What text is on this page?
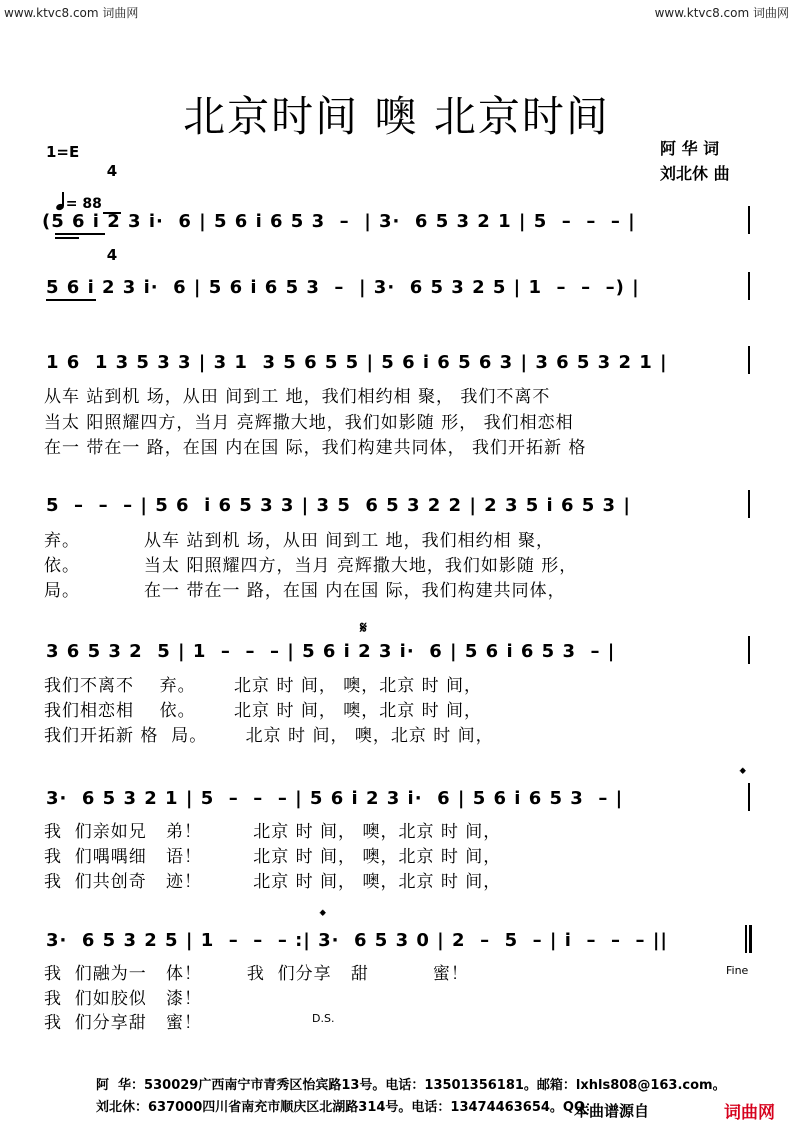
www.ktvc8.com 词曲网	www.ktvc8.com 词曲网
北京时间 噢 北京时间
阿 华 词
刘北休 曲
1=E

4

4

= 88

(5 6 i 2 3 i·  6 | 5 6 i 6 5 3  –  | 3·  6 5 3 2 1 | 5  –  –  – |
5 6 i 2 3 i·  6 | 5 6 i 6 5 3  –  | 3·  6 5 3 2 5 | 1  –  –  –) |
1 6  1 3 5 3 3 | 3 1  3 5 6 5 5 | 5 6 i 6 5 6 3 | 3 6 5 3 2 1 |
从车 站到机 场，从田 间到工 地，我们相约相 聚， 我们不离不
当太 阳照耀四方，当月 亮辉撒大地，我们如影随 形， 我们相恋相
在一 带在一 路，在国 内在国 际，我们构建共同体， 我们开拓新 格
5  –  –  – | 5 6  i 6 5 3 3 | 3 5  6 5 3 2 2 | 2 3 5 i 6 5 3 |
弃。          从车 站到机 场，从田 间到工 地，我们相约相 聚，
依。          当太 阳照耀四方，当月 亮辉撒大地，我们如影随 形，
局。          在一 带在一 路，在国 内在国 际，我们构建共同体，
𝄋
3 6 5 3 2  5 | 1  –  –  – | 5 6 i 2 3 i·  6 | 5 6 i 6 5 3  – |
我们不离不    弃。      北京 时 间， 噢，北京 时 间，
我们相恋相    依。      北京 时 间， 噢，北京 时 间，
我们开拓新 格  局。      北京 时 间， 噢，北京 时 间，
𝄌
3·  6 5 3 2 1 | 5  –  –  – | 5 6 i 2 3 i·  6 | 5 6 i 6 5 3  – |
我  们亲如兄   弟！        北京 时 间， 噢，北京 时 间，
我  们喁喁细   语！        北京 时 间， 噢，北京 时 间，
我  们共创奇   迹！        北京 时 间， 噢，北京 时 间，
𝄌
3·  6 5 3 2 5 | 1  –  –  – :| 3·  6 5 3 0 | 2  –  5  – | i  –  –  – ||
我  们融为一   体！       我  们分享   甜          蜜！
我  们如胶似   漆！
我  们分享甜   蜜！
Fine
D.S.
阿  华：530029广西南宁市青秀区怡宾路13号。电话：13501356181。邮箱：lxhls808@163.com。
刘北休：637000四川省南充市顺庆区北湖路314号。电话：13474463654。QQ：
本曲谱源自	词曲网
